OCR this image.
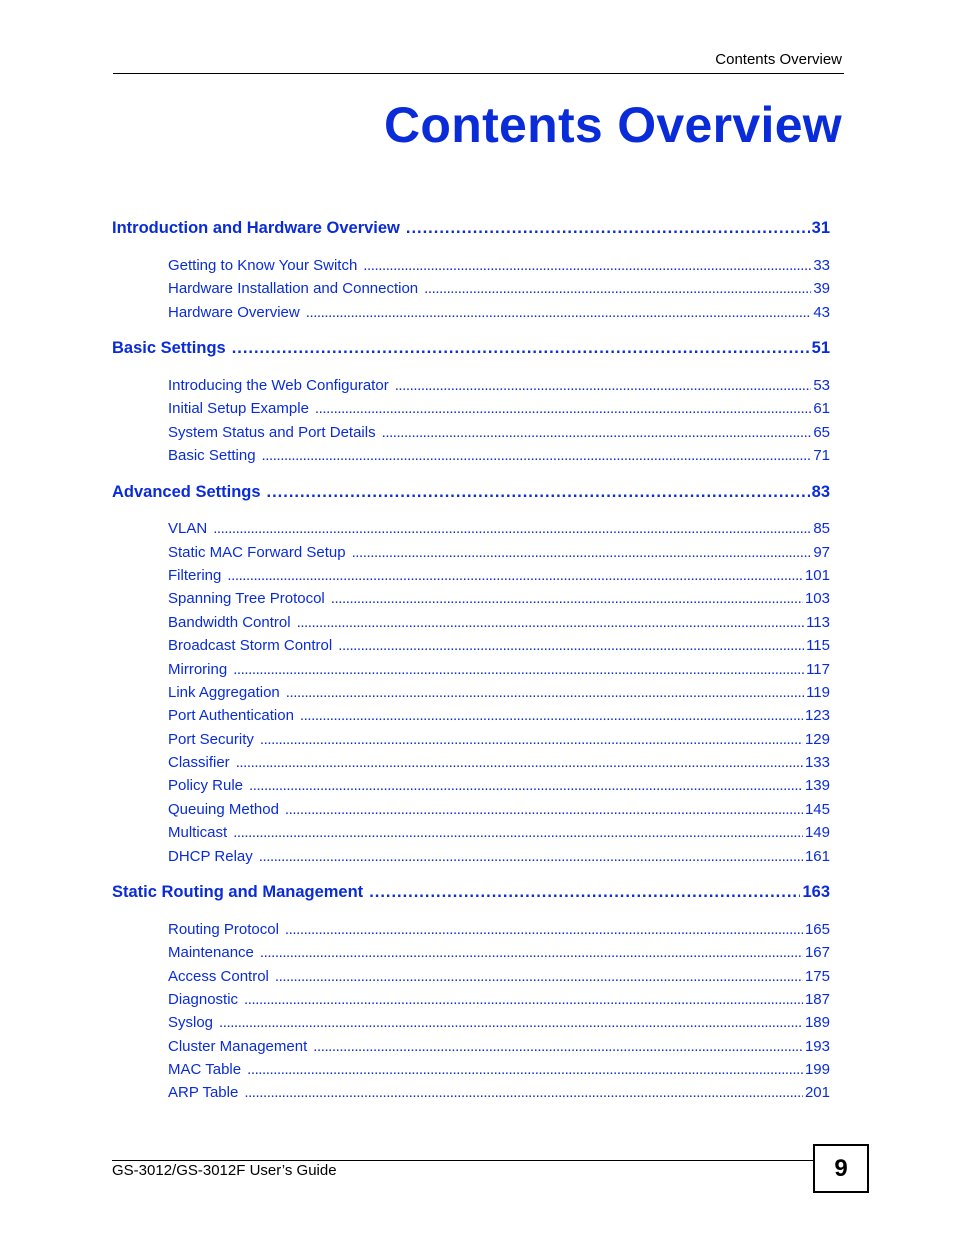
Contents Overview
Contents Overview
Introduction and Hardware Overview . . .	31
Getting to Know Your Switch . . .	33
Hardware Installation and Connection . . .	39
Hardware Overview . . .	43
Basic Settings . . .	51
Introducing the Web Configurator . . .	53
Initial Setup Example . . .	61
System Status and Port Details . . .	65
Basic Setting . . .	71
Advanced Settings . . .	83
VLAN . . .	85
Static MAC Forward Setup . . .	97
Filtering . . .	101
Spanning Tree Protocol . . .	103
Bandwidth Control . . .	113
Broadcast Storm Control . . .	115
Mirroring . . .	117
Link Aggregation . . .	119
Port Authentication . . .	123
Port Security . . .	129
Classifier . . .	133
Policy Rule . . .	139
Queuing Method . . .	145
Multicast . . .	149
DHCP Relay . . .	161
Static Routing and Management . . .	163
Routing Protocol . . .	165
Maintenance . . .	167
Access Control . . .	175
Diagnostic . . .	187
Syslog . . .	189
Cluster Management . . .	193
MAC Table . . .	199
ARP Table . . .	201
GS-3012/GS-3012F User’s Guide	9
